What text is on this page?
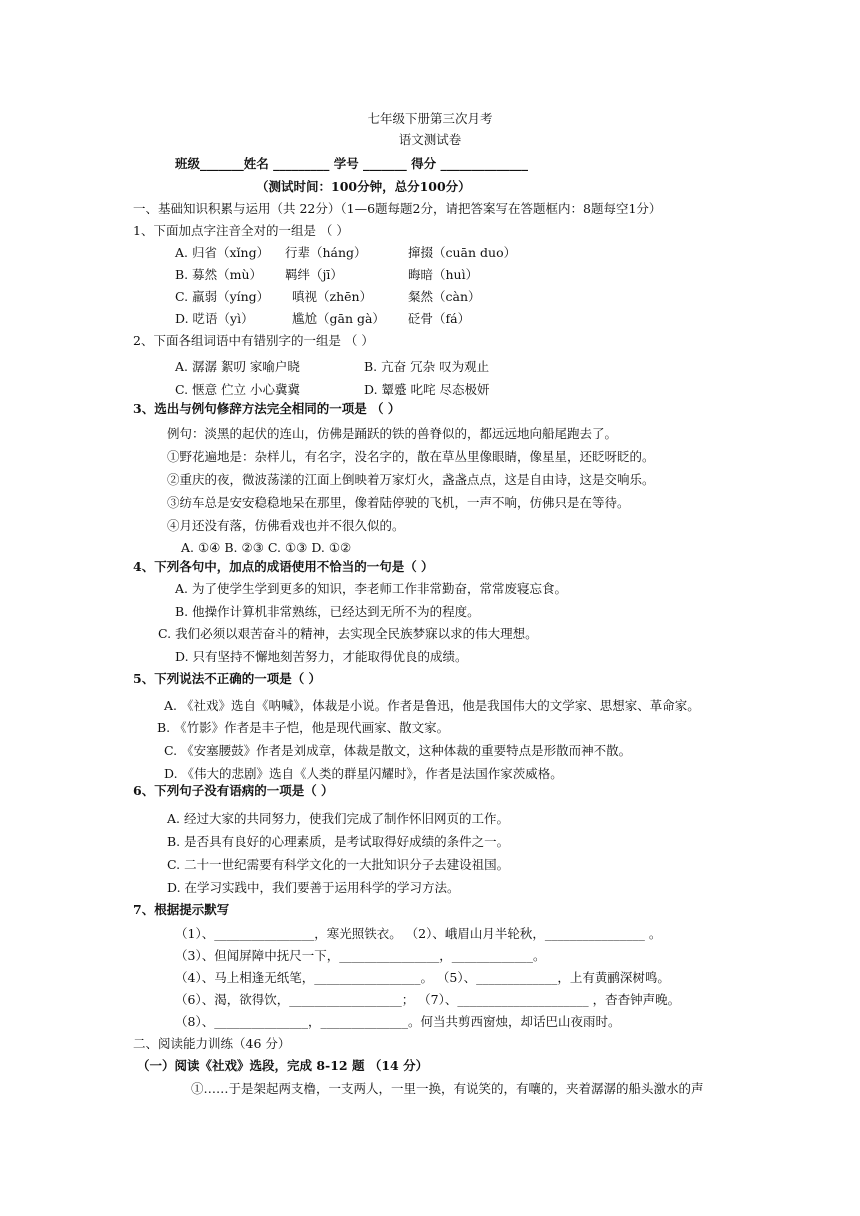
七年级下册第三次月考
语文测试卷
班级_______姓名 _________ 学号 _______ 得分 ______________
（测试时间：100分钟，总分100分）
一、基础知识积累与运用（共 22分）（1—6题每题2分，请把答案写在答题框内：8题每空1分）
1、下面加点字注音全对的一组是 （ ）
A. 归省（xǐng） 行辈（háng）	撺掇（cuān duo）
B. 募然（mù） 羁绊（jī）	晦暗（huì）
C. 羸弱（yíng） 嗔视（zhēn）	粲然（càn）
D. 呓语（yì）	尴尬（gān gà） 砭骨（fá）
2、下面各组词语中有错别字的一组是 （ ）
A. 潺潺 絮叨 家喻户晓	B. 亢奋 冗杂 叹为观止
C. 惬意 伫立 小心冀冀	D. 颦蹙 叱咤 尽态极妍
3、选出与例句修辞方法完全相同的一项是 （ ）
例句：淡黑的起伏的连山，仿佛是踊跃的铁的兽脊似的，都远远地向船尾跑去了。
①野花遍地是：杂样儿，有名字，没名字的，散在草丛里像眼睛，像星星，还眨呀眨的。
②重庆的夜，微波荡漾的江面上倒映着万家灯火，盏盏点点，这是自由诗，这是交响乐。
③纺车总是安安稳稳地呆在那里，像着陆停驶的飞机，一声不响，仿佛只是在等待。
④月还没有落，仿佛看戏也并不很久似的。
A. ①④ B. ②③ C. ①③ D. ①②
4、下列各句中，加点的成语使用不恰当的一句是（ ）
A. 为了使学生学到更多的知识，李老师工作非常勤奋，常常废寝忘食。
B. 他操作计算机非常熟练，已经达到无所不为的程度。
C. 我们必须以艰苦奋斗的精神，去实现全民族梦寐以求的伟大理想。
D. 只有坚持不懈地刻苦努力，才能取得优良的成绩。
5、下列说法不正确的一项是（ ）
A. 《社戏》选自《呐喊》，体裁是小说。作者是鲁迅，他是我国伟大的文学家、思想家、革命家。
B. 《竹影》作者是丰子恺，他是现代画家、散文家。
C. 《安塞腰鼓》作者是刘成章，体裁是散文，这种体裁的重要特点是形散而神不散。
D. 《伟大的悲剧》选自《人类的群星闪耀时》，作者是法国作家茨威格。
6、下列句子没有语病的一项是（ ）
A. 经过大家的共同努力，使我们完成了制作怀旧网页的工作。
B. 是否具有良好的心理素质，是考试取得好成绩的条件之一。
C. 二十一世纪需要有科学文化的一大批知识分子去建设祖国。
D. 在学习实践中，我们要善于运用科学的学习方法。
7、根据提示默写
（1）、________________，寒光照铁衣。 （2）、峨眉山月半轮秋，________________ 。
（3）、但闻屏障中抚尺一下，________________，_____________。
（4）、马上相逢无纸笔，_________________。 （5）、_____________，上有黄鹂深树鸣。
（6）、渴，欲得饮，__________________； （7）、_____________________ ，杳杳钟声晚。
（8）、_______________，______________。何当共剪西窗烛，却话巴山夜雨时。
二、阅读能力训练（46 分）
（一）阅读《社戏》选段，完成 8-12 题 （14 分）
①……于是架起两支橹，一支两人，一里一换，有说笑的，有嚷的，夹着潺潺的船头激水的声
